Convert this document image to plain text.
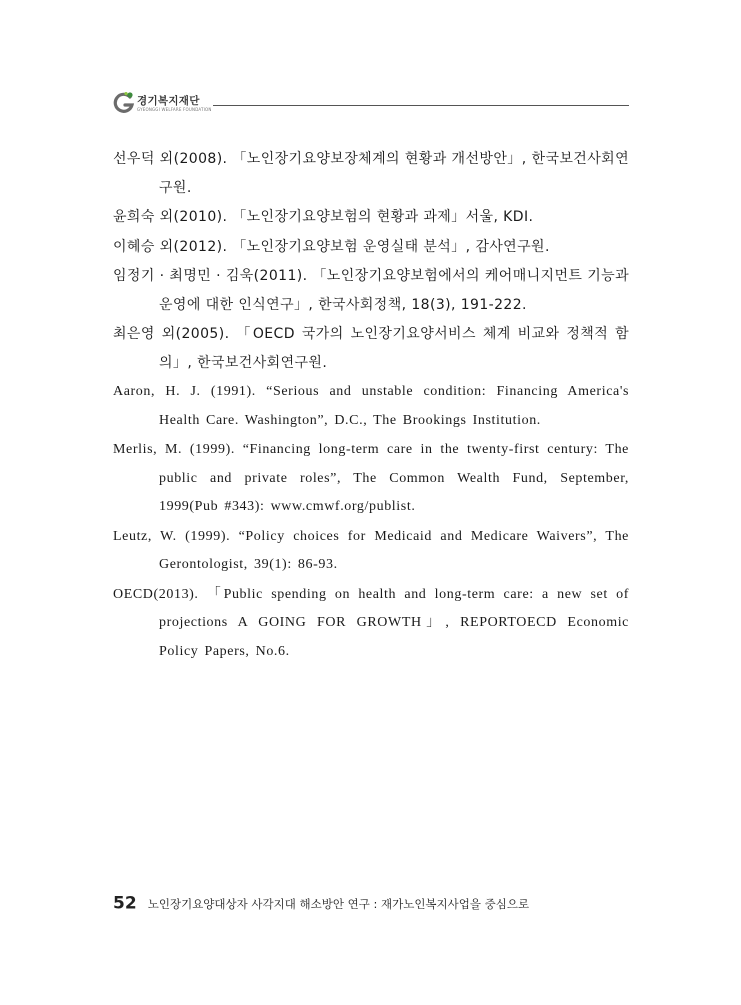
경기복지재단
GYEONGGI WELFARE FOUNDATION
선우덕 외(2008). 「노인장기요양보장체계의 현황과 개선방안」, 한국보건사회연구원.
윤희숙 외(2010). 「노인장기요양보험의 현황과 과제」서울, KDI.
이혜승 외(2012). 「노인장기요양보험 운영실태 분석」, 감사연구원.
임정기 · 최명민 · 김욱(2011). 「노인장기요양보험에서의 케어매니지먼트 기능과 운영에 대한 인식연구」, 한국사회정책, 18(3), 191-222.
최은영 외(2005). 「OECD 국가의 노인장기요양서비스 체계 비교와 정책적 함의」, 한국보건사회연구원.
Aaron, H. J. (1991). “Serious and unstable condition: Financing America's Health Care. Washington”, D.C., The Brookings Institution.
Merlis, M. (1999). “Financing long-term care in the twenty-first century: The public and private roles”, The Common Wealth Fund, September, 1999(Pub #343): www.cmwf.org/publist.
Leutz, W. (1999). “Policy choices for Medicaid and Medicare Waivers”, The Gerontologist, 39(1): 86-93.
OECD(2013). 「Public spending on health and long-term care: a new set of projections A GOING FOR GROWTH」, REPORTOECD Economic Policy Papers, No.6.
52 노인장기요양대상자 사각지대 해소방안 연구 : 재가노인복지사업을 중심으로
